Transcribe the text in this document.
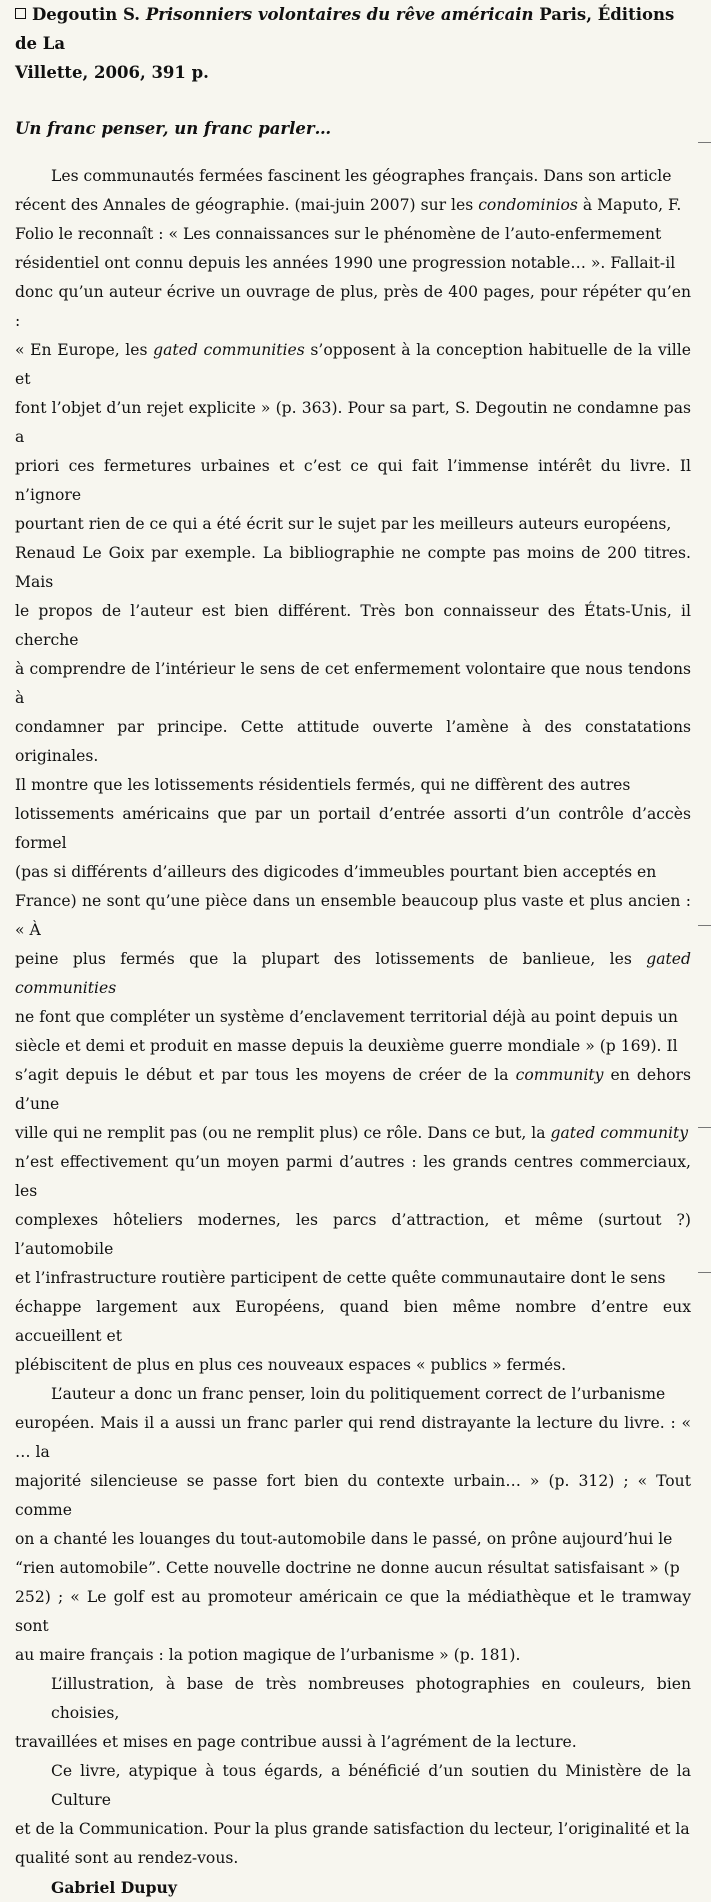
Degoutin S. Prisonniers volontaires du rêve américain Paris, Éditions de La
Villette, 2006, 391 p.
Un franc penser, un franc parler…

Les communautés fermées fascinent les géographes français. Dans son article
récent des Annales de géographie. (mai-juin 2007) sur les condominios à Maputo, F.
Folio le reconnaît : « Les connaissances sur le phénomène de l’auto-enfermement
résidentiel ont connu depuis les années 1990 une progression notable… ». Fallait-il
donc qu’un auteur écrive un ouvrage de plus, près de 400 pages, pour répéter qu’en :
« En Europe, les gated communities s’opposent à la conception habituelle de la ville et
font l’objet d’un rejet explicite » (p. 363). Pour sa part, S. Degoutin ne condamne pas a
priori ces fermetures urbaines et c’est ce qui fait l’immense intérêt du livre. Il n’ignore
pourtant rien de ce qui a été écrit sur le sujet par les meilleurs auteurs européens,
Renaud Le Goix par exemple. La bibliographie ne compte pas moins de 200 titres. Mais
le propos de l’auteur est bien différent. Très bon connaisseur des États-Unis, il cherche
à comprendre de l’intérieur le sens de cet enfermement volontaire que nous tendons à
condamner par principe. Cette attitude ouverte l’amène à des constatations originales.
Il montre que les lotissements résidentiels fermés, qui ne diffèrent des autres
lotissements américains que par un portail d’entrée assorti d’un contrôle d’accès formel
(pas si différents d’ailleurs des digicodes d’immeubles pourtant bien acceptés en
France) ne sont qu’une pièce dans un ensemble beaucoup plus vaste et plus ancien : « À
peine plus fermés que la plupart des lotissements de banlieue, les gated communities
ne font que compléter un système d’enclavement territorial déjà au point depuis un
siècle et demi et produit en masse depuis la deuxième guerre mondiale » (p 169). Il
s’agit depuis le début et par tous les moyens de créer de la community en dehors d’une
ville qui ne remplit pas (ou ne remplit plus) ce rôle. Dans ce but, la gated community
n’est effectivement qu’un moyen parmi d’autres : les grands centres commerciaux, les
complexes hôteliers modernes, les parcs d’attraction, et même (surtout ?) l’automobile
et l’infrastructure routière participent de cette quête communautaire dont le sens
échappe largement aux Européens, quand bien même nombre d’entre eux accueillent et
plébiscitent de plus en plus ces nouveaux espaces « publics » fermés.

L’auteur a donc un franc penser, loin du politiquement correct de l’urbanisme
européen. Mais il a aussi un franc parler qui rend distrayante la lecture du livre. : « … la
majorité silencieuse se passe fort bien du contexte urbain… » (p. 312) ; « Tout comme
on a chanté les louanges du tout-automobile dans le passé, on prône aujourd’hui le
“rien automobile”. Cette nouvelle doctrine ne donne aucun résultat satisfaisant » (p
252) ; « Le golf est au promoteur américain ce que la médiathèque et le tramway sont
au maire français : la potion magique de l’urbanisme » (p. 181).

L’illustration, à base de très nombreuses photographies en couleurs, bien choisies,
travaillées et mises en page contribue aussi à l’agrément de la lecture.

Ce livre, atypique à tous égards, a bénéficié d’un soutien du Ministère de la Culture
et de la Communication. Pour la plus grande satisfaction du lecteur, l’originalité et la
qualité sont au rendez-vous.

Gabriel Dupuy
